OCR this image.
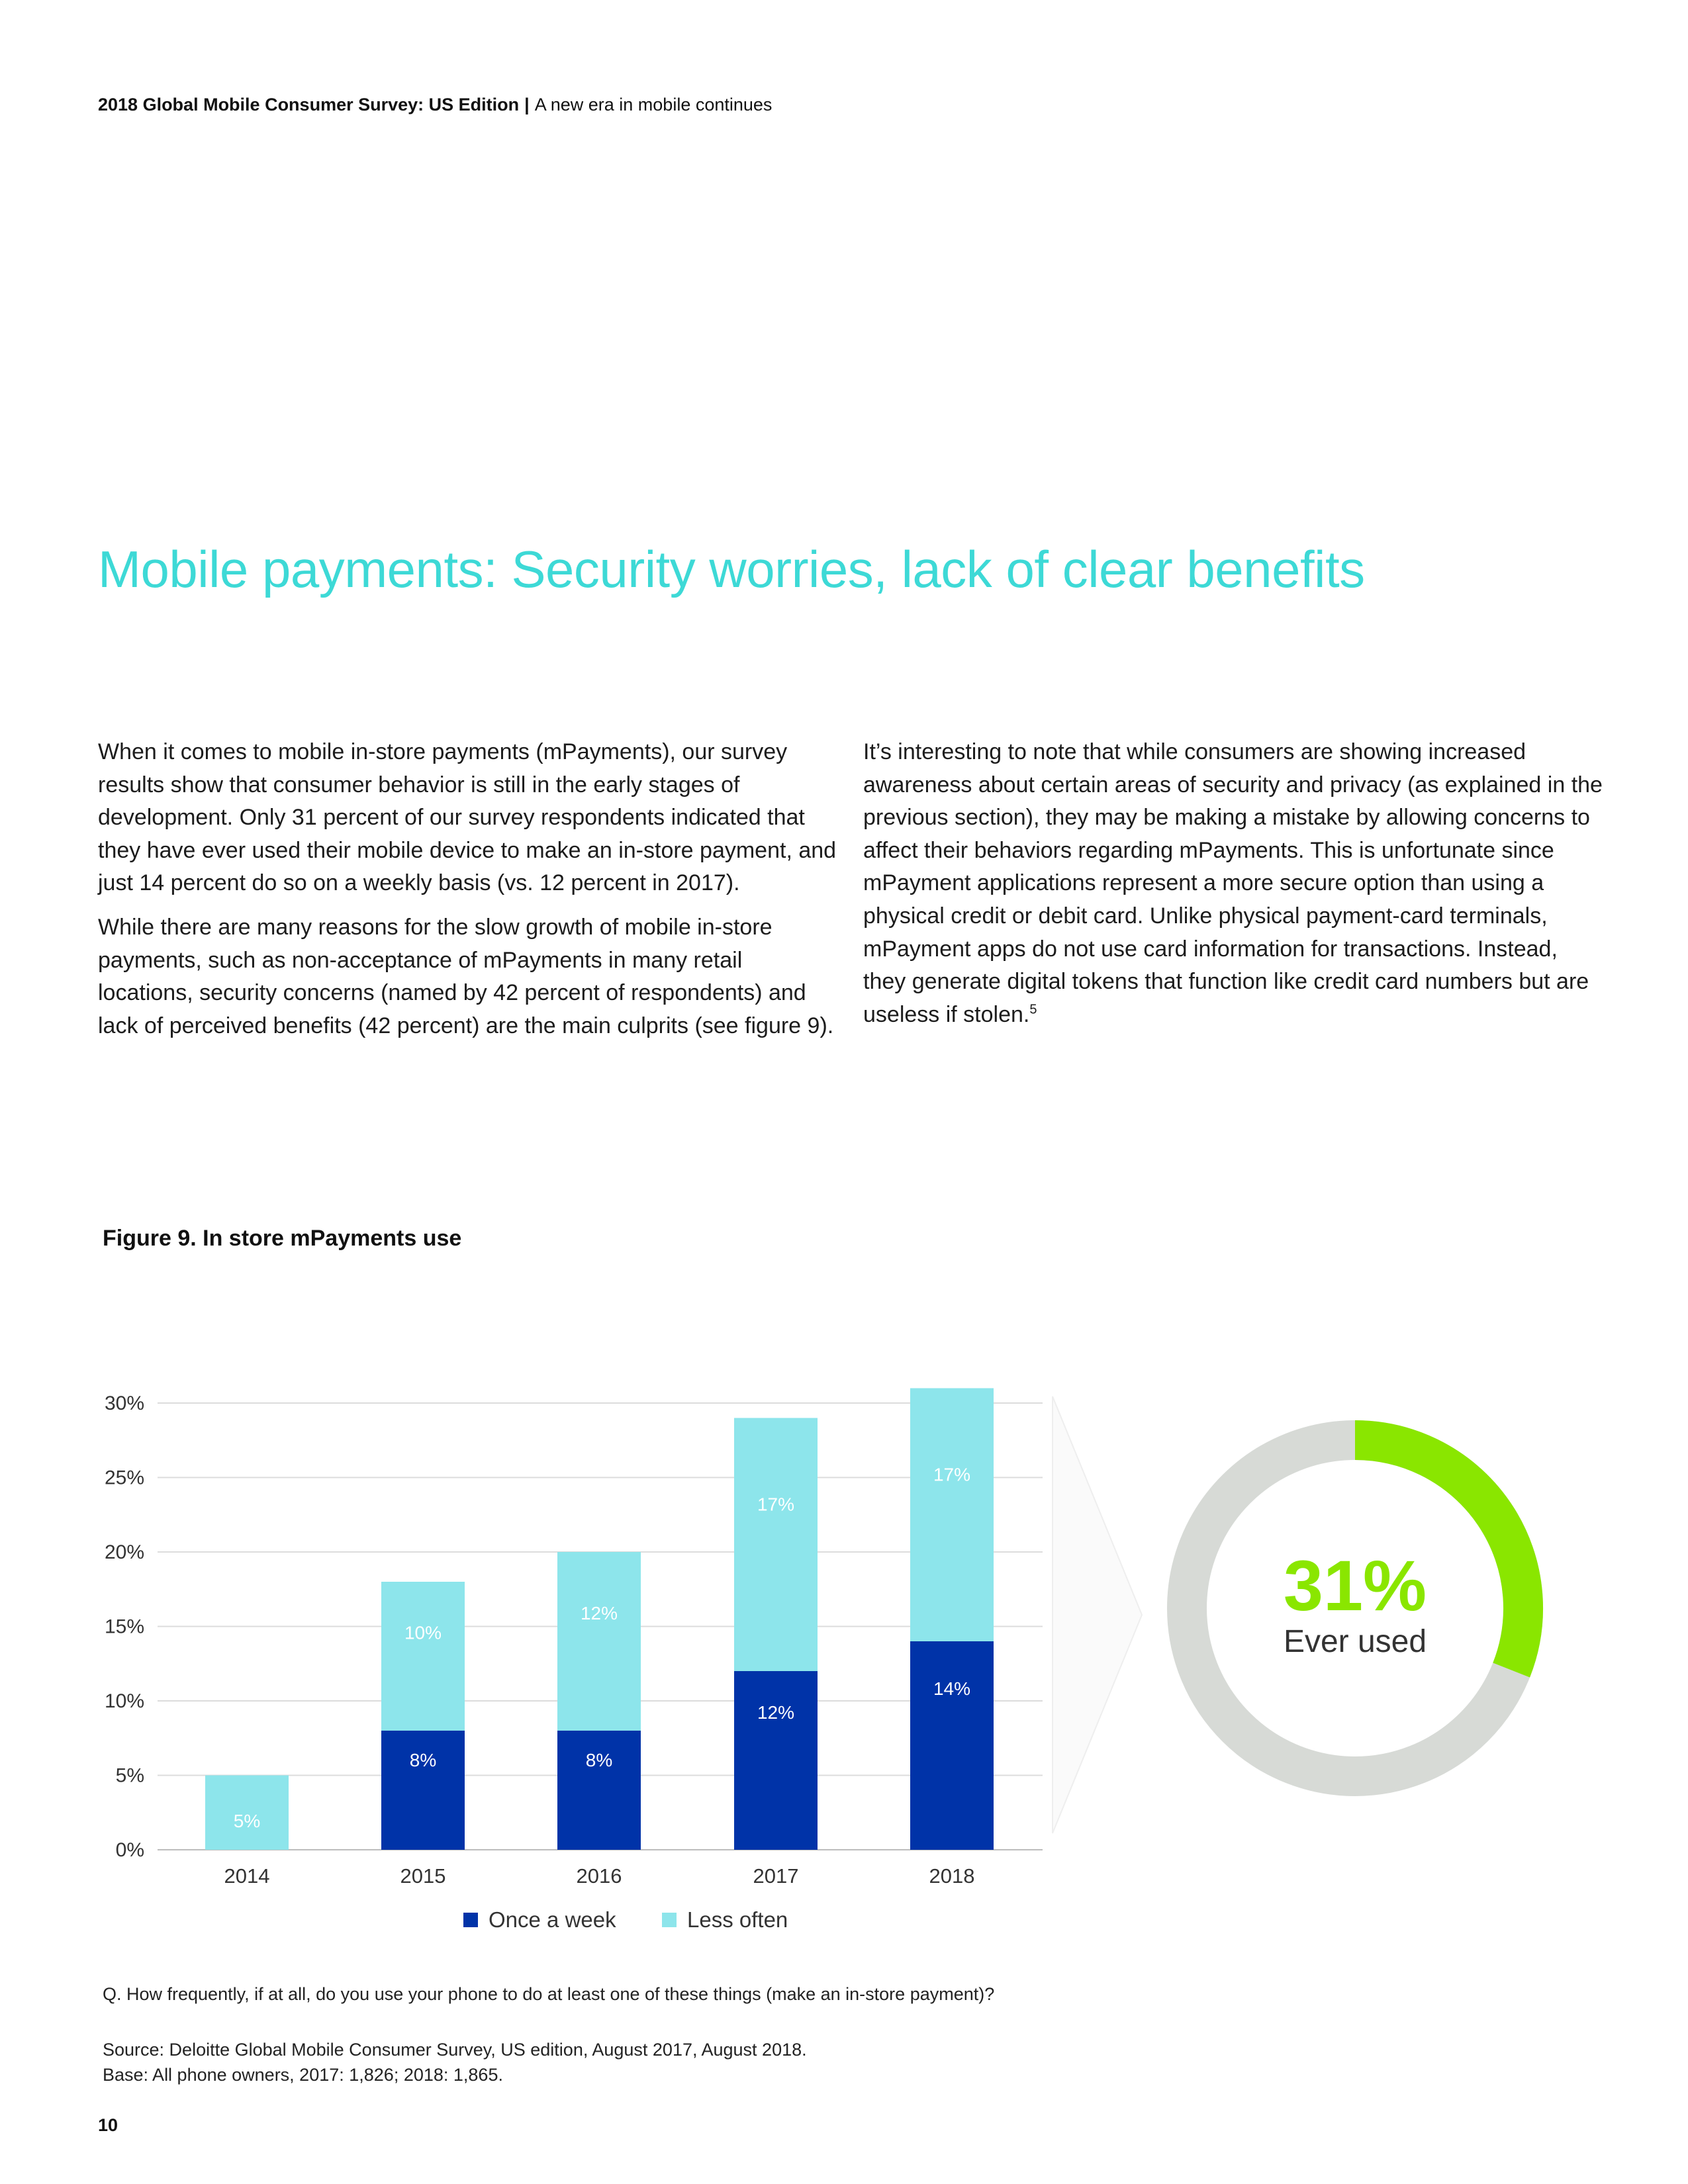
2018 Global Mobile Consumer Survey: US Edition | A new era in mobile continues
Mobile payments: Security worries, lack of clear benefits

When it comes to mobile in-store payments (mPayments), our survey results show that consumer behavior is still in the early stages of development. Only 31 percent of our survey respondents indicated that they have ever used their mobile device to make an in-store payment, and just 14 percent do so on a weekly basis (vs. 12 percent in 2017).

While there are many reasons for the slow growth of mobile in-store payments, such as non-acceptance of mPayments in many retail locations, security concerns (named by 42 percent of respondents) and lack of perceived benefits (42 percent) are the main culprits (see figure 9).

It’s interesting to note that while consumers are showing increased awareness about certain areas of security and privacy (as explained in the previous section), they may be making a mistake by allowing concerns to affect their behaviors regarding mPayments. This is unfortunate since mPayment applications represent a more secure option than using a physical credit or debit card. Unlike physical payment-card terminals, mPayment apps do not use card information for transactions. Instead, they generate digital tokens that function like credit card numbers but are useless if stolen.$^5$

Figure 9. In store mPayments use
0%
5%
10%
15%
20%
25%
30%
5%
8%
10%
8%
12%
12%
17%
14%
17%
2014	2015	2016	2017	2018
Once a week	Less often
31%
Ever used
Q. How frequently, if at all, do you use your phone to do at least one of these things (make an in-store payment)?
Source: Deloitte Global Mobile Consumer Survey, US edition, August 2017, August 2018.
Base: All phone owners, 2017: 1,826; 2018: 1,865.
10
